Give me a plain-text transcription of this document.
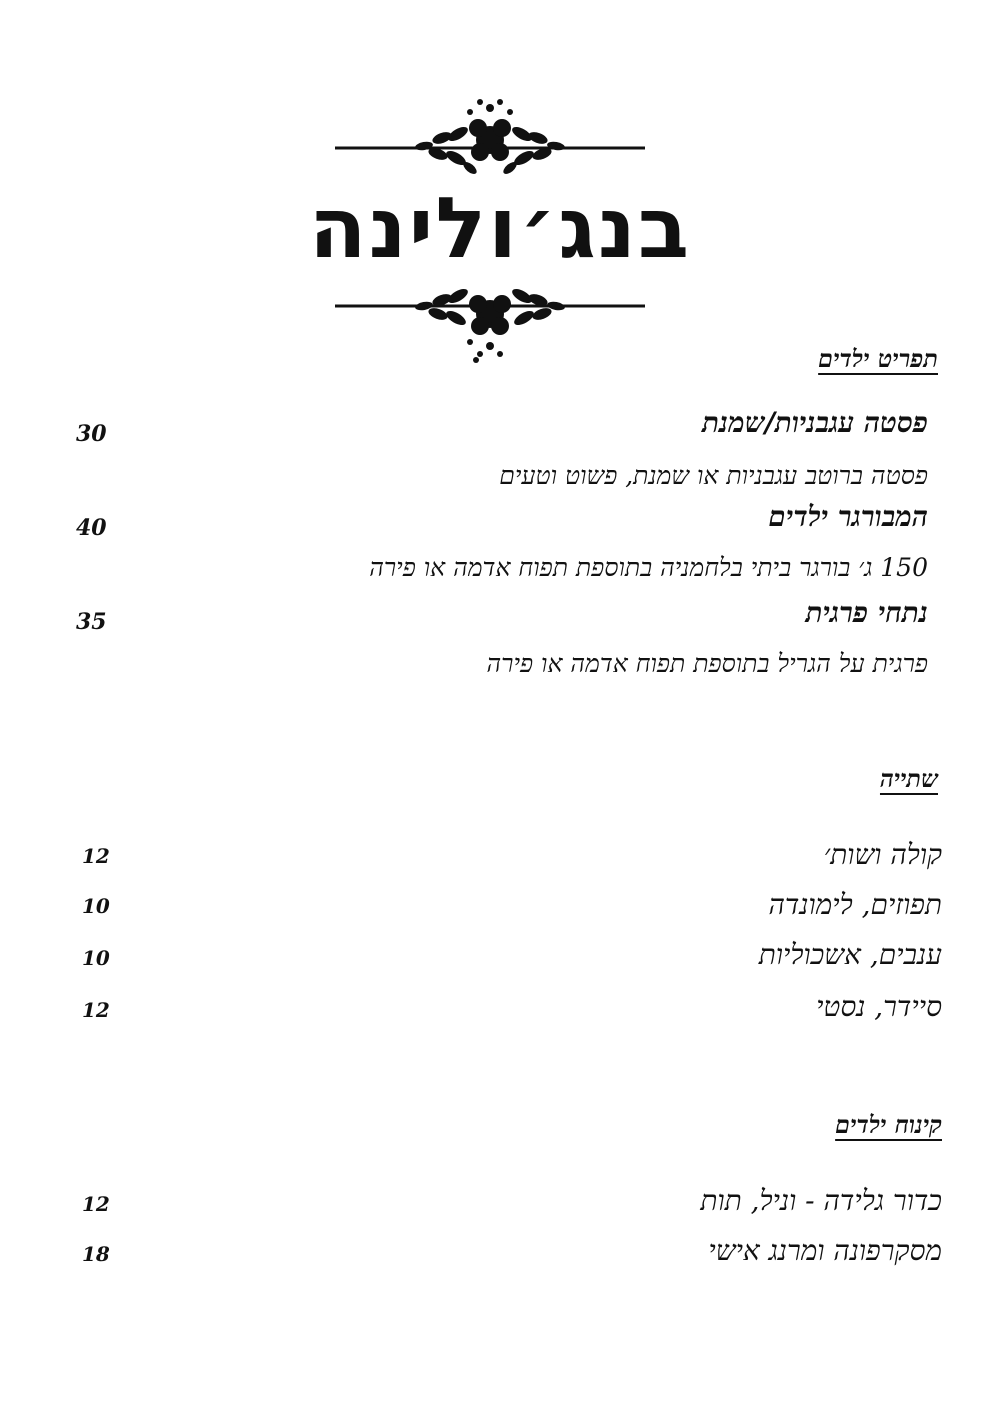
בנג׳ולינה
תפריט ילדים
פסטה עגבניות/שמנת
30
פסטה ברוטב עגבניות או שמנת, פשוט וטעים
המבורגר ילדים
40
150 ג׳ בורגר ביתי בלחמניה בתוספת תפוח אדמה או פירה
נתחי פרגית
35
פרגית על הגריל בתוספת תפוח אדמה או פירה
שתייה
קולה ושות׳
12
תפוזים, לימונדה
10
ענבים, אשכוליות
10
סיידר, נסטי
12
קינוח ילדים
כדור גלידה - וניל, תות
12
מסקרפונה ומרנג אישי
18
